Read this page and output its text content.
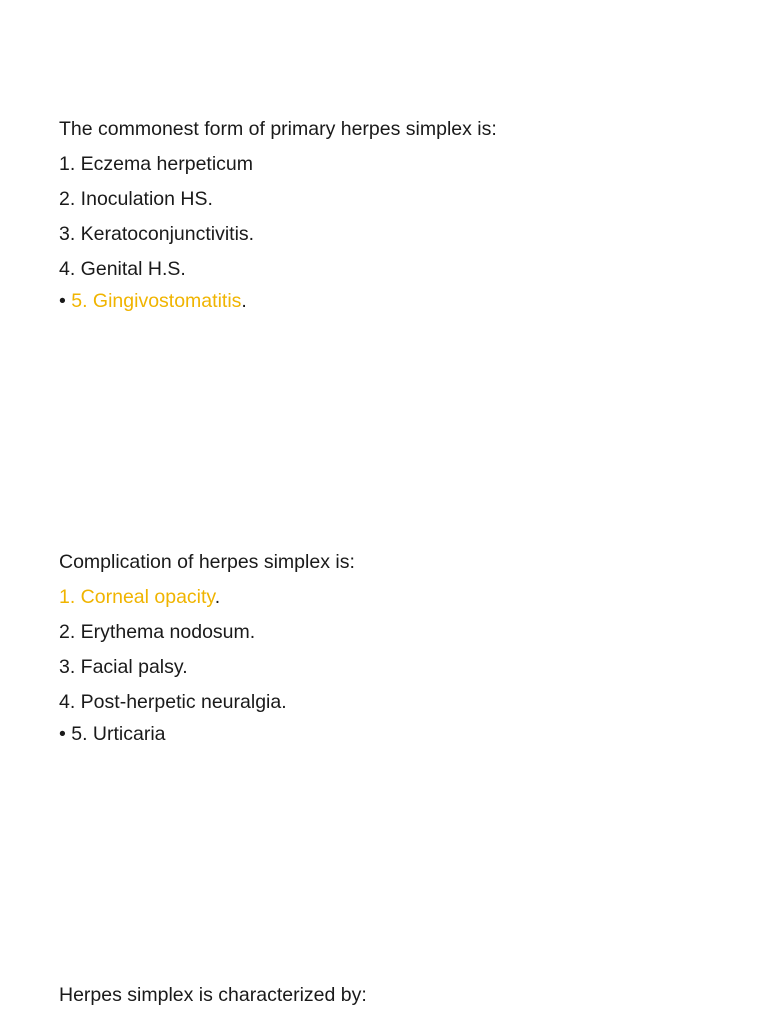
The commonest form of primary herpes simplex is:

1. Eczema herpeticum

2. Inoculation HS.

3. Keratoconjunctivitis.

4. Genital H.S.

• 5. Gingivostomatitis.

Complication of herpes simplex is:

1. Corneal opacity.

2. Erythema nodosum.

3. Facial palsy.

4. Post-herpetic neuralgia.

• 5. Urticaria

Herpes simplex is characterized by:
